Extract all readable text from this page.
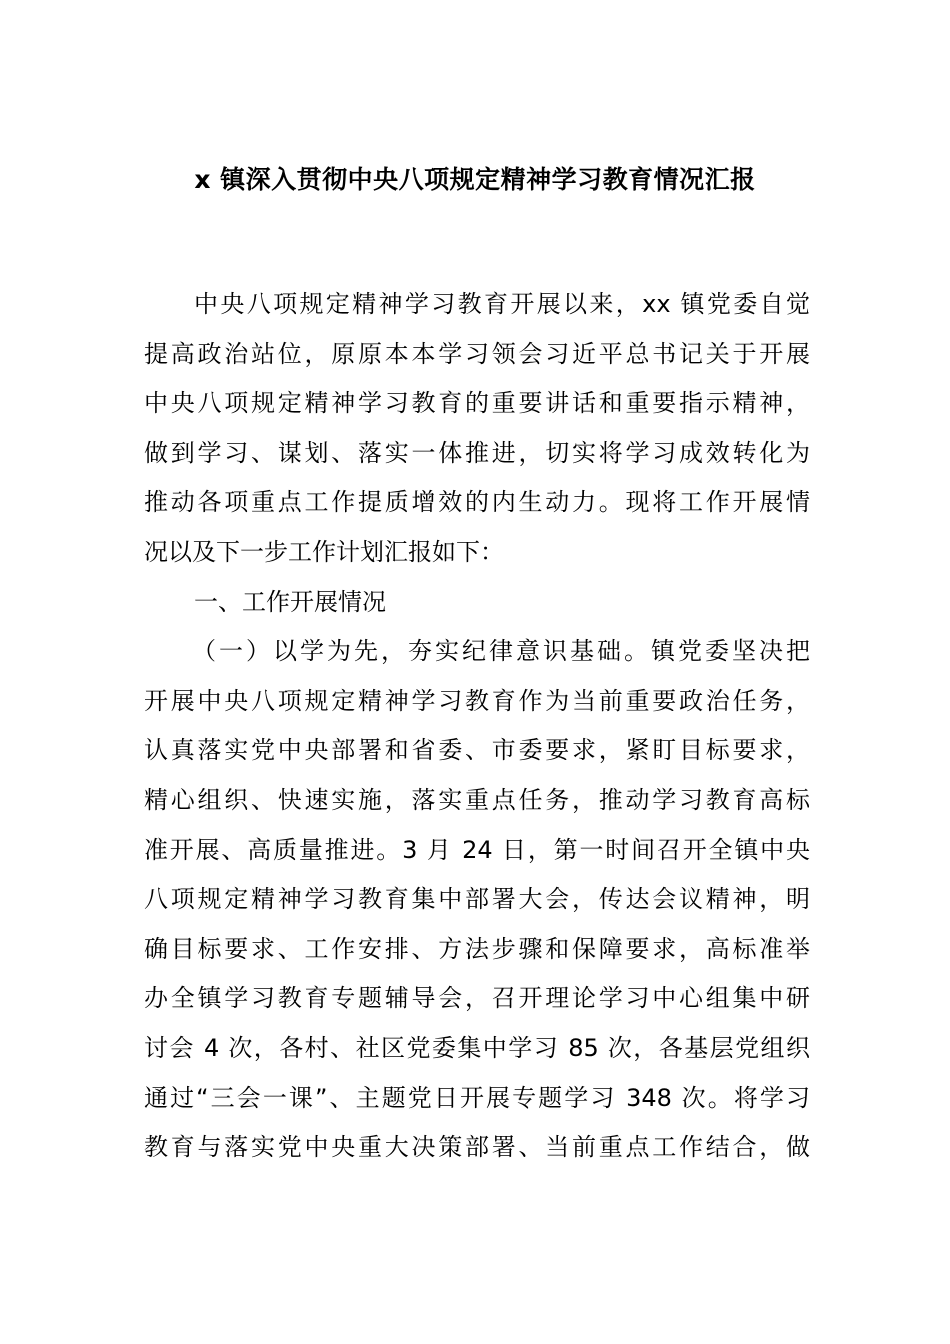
x 镇深入贯彻中央八项规定精神学习教育情况汇报
中央八项规定精神学习教育开展以来，xx 镇党委自觉
提高政治站位，原原本本学习领会习近平总书记关于开展
中央八项规定精神学习教育的重要讲话和重要指示精神，
做到学习、谋划、落实一体推进，切实将学习成效转化为
推动各项重点工作提质增效的内生动力。现将工作开展情
况以及下一步工作计划汇报如下：
一、工作开展情况
（一）以学为先，夯实纪律意识基础。镇党委坚决把
开展中央八项规定精神学习教育作为当前重要政治任务，
认真落实党中央部署和省委、市委要求，紧盯目标要求，
精心组织、快速实施，落实重点任务，推动学习教育高标
准开展、高质量推进。3 月 24 日，第一时间召开全镇中央
八项规定精神学习教育集中部署大会，传达会议精神，明
确目标要求、工作安排、方法步骤和保障要求，高标准举
办全镇学习教育专题辅导会，召开理论学习中心组集中研
讨会 4 次，各村、社区党委集中学习 85 次，各基层党组织
通过“三会一课”、主题党日开展专题学习 348 次。将学习
教育与落实党中央重大决策部署、当前重点工作结合，做
